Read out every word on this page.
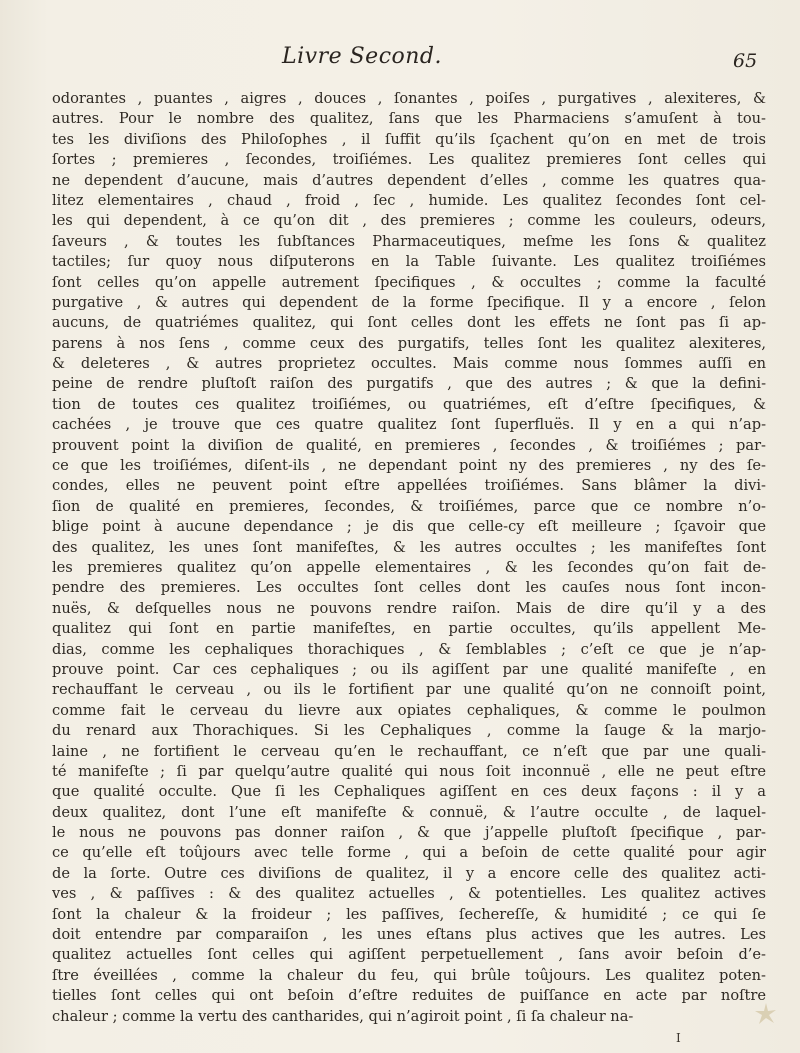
Livre Second.	65
odorantes , puantes , aigres , douces , ſonantes , poiſes , purgatives , alexiteres, &
autres. Pour le nombre des qualitez, ſans que les Pharmaciens s’amuſent à tou-
tes les diviſions des Philoſophes , il ſuffit qu’ils ſçachent qu’on en met de trois
ſortes ; premieres , ſecondes, troiſiémes. Les qualitez premieres ſont celles qui
ne dependent d’aucune, mais d’autres dependent d’elles , comme les quatres qua-
litez elementaires , chaud , froid , ſec , humide. Les qualitez ſecondes ſont cel-
les qui dependent, à ce qu’on dit , des premieres ; comme les couleurs, odeurs,
ſaveurs , & toutes les ſubſtances Pharmaceutiques, meſme les ſons & qualitez
tactiles; ſur quoy nous diſputerons en la Table ſuivante. Les qualitez troiſiémes
ſont celles qu’on appelle autrement ſpecifiques , & occultes ; comme la faculté
purgative , & autres qui dependent de la forme ſpecifique. Il y a encore , ſelon
aucuns, de quatriémes qualitez, qui ſont celles dont les effets ne ſont pas ſi ap-
parens à nos ſens , comme ceux des purgatifs, telles ſont les qualitez alexiteres,
& deleteres , & autres proprietez occultes. Mais comme nous ſommes auſſi en
peine de rendre pluſtoſt raiſon des purgatifs , que des autres ; & que la defini-
tion de toutes ces qualitez troiſiémes, ou quatriémes, eſt d’eſtre ſpecifiques, &
cachées , je trouve que ces quatre qualitez ſont ſuperfluës. Il y en a qui n’ap-
prouvent point la diviſion de qualité, en premieres , ſecondes , & troiſiémes ; par-
ce que les troiſiémes, diſent-ils , ne dependant point ny des premieres , ny des ſe-
condes, elles ne peuvent point eſtre appellées troiſiémes. Sans blâmer la divi-
ſion de qualité en premieres, ſecondes, & troiſiémes, parce que ce nombre n’o-
blige point à aucune dependance ; je dis que celle-cy eſt meilleure ; ſçavoir que
des qualitez, les unes ſont manifeſtes, & les autres occultes ; les manifeſtes ſont
les premieres qualitez qu’on appelle elementaires , & les ſecondes qu’on fait de-
pendre des premieres. Les occultes ſont celles dont les cauſes nous ſont incon-
nuës, & deſquelles nous ne pouvons rendre raiſon. Mais de dire qu’il y a des
qualitez qui ſont en partie manifeſtes, en partie occultes, qu’ils appellent Me-
dias, comme les cephaliques thorachiques , & ſemblables ; c’eſt ce que je n’ap-
prouve point. Car ces cephaliques ; ou ils agiſſent par une qualité manifeſte , en
rechauffant le cerveau , ou ils le fortifient par une qualité qu’on ne connoiſt point,
comme fait le cerveau du lievre aux opiates cephaliques, & comme le poulmon
du renard aux Thorachiques. Si les Cephaliques , comme la ſauge & la marjo-
laine , ne fortifient le cerveau qu’en le rechauffant, ce n’eſt que par une quali-
té manifeſte ; ſi par quelqu’autre qualité qui nous ſoit inconnuë , elle ne peut eſtre
que qualité occulte. Que ſi les Cephaliques agiſſent en ces deux façons : il y a
deux qualitez, dont l’une eſt manifeſte & connuë, & l’autre occulte , de laquel-
le nous ne pouvons pas donner raiſon , & que j’appelle pluſtoſt ſpecifique , par-
ce qu’elle eſt toûjours avec telle forme , qui a beſoin de cette qualité pour agir
de la ſorte. Outre ces diviſions de qualitez, il y a encore celle des qualitez acti-
ves , & paſſives : & des qualitez actuelles , & potentielles. Les qualitez actives
ſont la chaleur & la froideur ; les paſſives, ſechereſſe, & humidité ; ce qui ſe
doit entendre par comparaiſon , les unes eſtans plus actives que les autres. Les
qualitez actuelles ſont celles qui agiſſent perpetuellement , ſans avoir beſoin d’e-
ſtre éveillées , comme la chaleur du feu, qui brûle toûjours. Les qualitez poten-
tielles ſont celles qui ont beſoin d’eſtre reduites de puiſſance en acte par noſtre
chaleur ; comme la vertu des cantharides, qui n’agiroit point , ſi ſa chaleur na-
I
